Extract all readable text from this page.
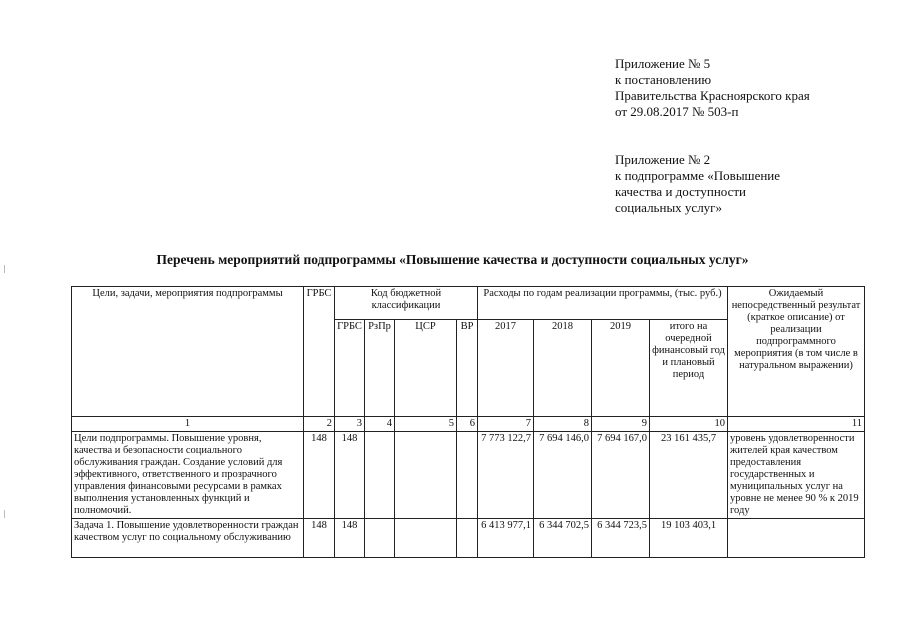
Приложение № 5
к постановлению
Правительства Красноярского края
от 29.08.2017 № 503-п
Приложение № 2
к подпрограмме «Повышение
качества и доступности
социальных услуг»
Перечень мероприятий подпрограммы «Повышение качества и доступности социальных услуг»
Цели, задачи, мероприятия подпрограммы	ГРБС	Код бюджетной классификации				Расходы по годам реализации программы, (тыс. руб.)				Ожидаемый непосредственный результат (краткое описание) от реализации подпрограммного мероприятия (в том числе в натуральном выражении)
		ГРБС	РзПр	ЦСР	ВР	2017	2018	2019	итого на очередной финансовый год и плановый период	
1	2	3	4	5	6	7	8	9	10	11
Цели подпрограммы. Повышение уровня, качества и безопасности социального обслуживания граждан. Создание условий для эффективного, ответственного и прозрачного управления финансовыми ресурсами в рамках выполнения установленных функций и полномочий.	148	148				7 773 122,7	7 694 146,0	7 694 167,0	23 161 435,7	уровень удовлетворенности жителей края качеством предоставления государственных и муниципальных услуг на уровне не менее 90 % к 2019 году
Задача 1. Повышение удовлетворенности граждан качеством услуг по социальному обслуживанию	148	148				6 413 977,1	6 344 702,5	6 344 723,5	19 103 403,1	
